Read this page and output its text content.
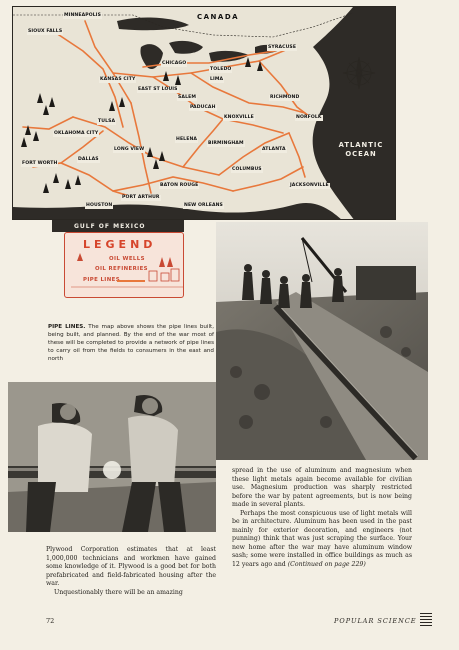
CANADA
ATLANTIC
OCEAN
MINNEAPOLIS
SIOUX FALLS
SYRACUSE
CHICAGO
TOLEDO
KANSAS CITY
EAST ST LOUIS
LIMA
SALEM	RICHMOND
PADUCAH
TULSA
KNOXVILLE	NORFOLK
OKLAHOMA CITY
HELENA
BIRMINGHAM
ATLANTA
LONG VIEW
FORT WORTH
DALLAS
COLUMBUS
BATON ROUGE	JACKSONVILLE
PORT ARTHUR
HOUSTON	NEW ORLEANS
GULF OF MEXICO
LEGEND
OIL WELLS
OIL REFINERIES
PIPE LINES

PIPE LINES. The map above shows the pipe lines built, being built, and planned. By the end of the war most of these will be completed to provide a network of pipe lines to carry oil from the fields to consumers in the east and north

Plywood Corporation estimates that at least 1,000,000 technicians and workmen have gained some knowledge of it. Plywood is a good bet for both prefabricated and field-fabricated housing after the war.

Unquestionably there will be an amazing

spread in the use of aluminum and magnesium when these light metals again become available for civilian use. Magnesium production was sharply restricted before the war by patent agreements, but is now being made in several plants.

Perhaps the most conspicuous use of light metals will be in architecture. Aluminum has been used in the past mainly for exterior decoration, and engineers (not punning) think that was just scraping the surface. Your new home after the war may have aluminum window sash; some were installed in office buildings as much as 12 years ago and (Continued on page 229)

72	POPULAR SCIENCE
